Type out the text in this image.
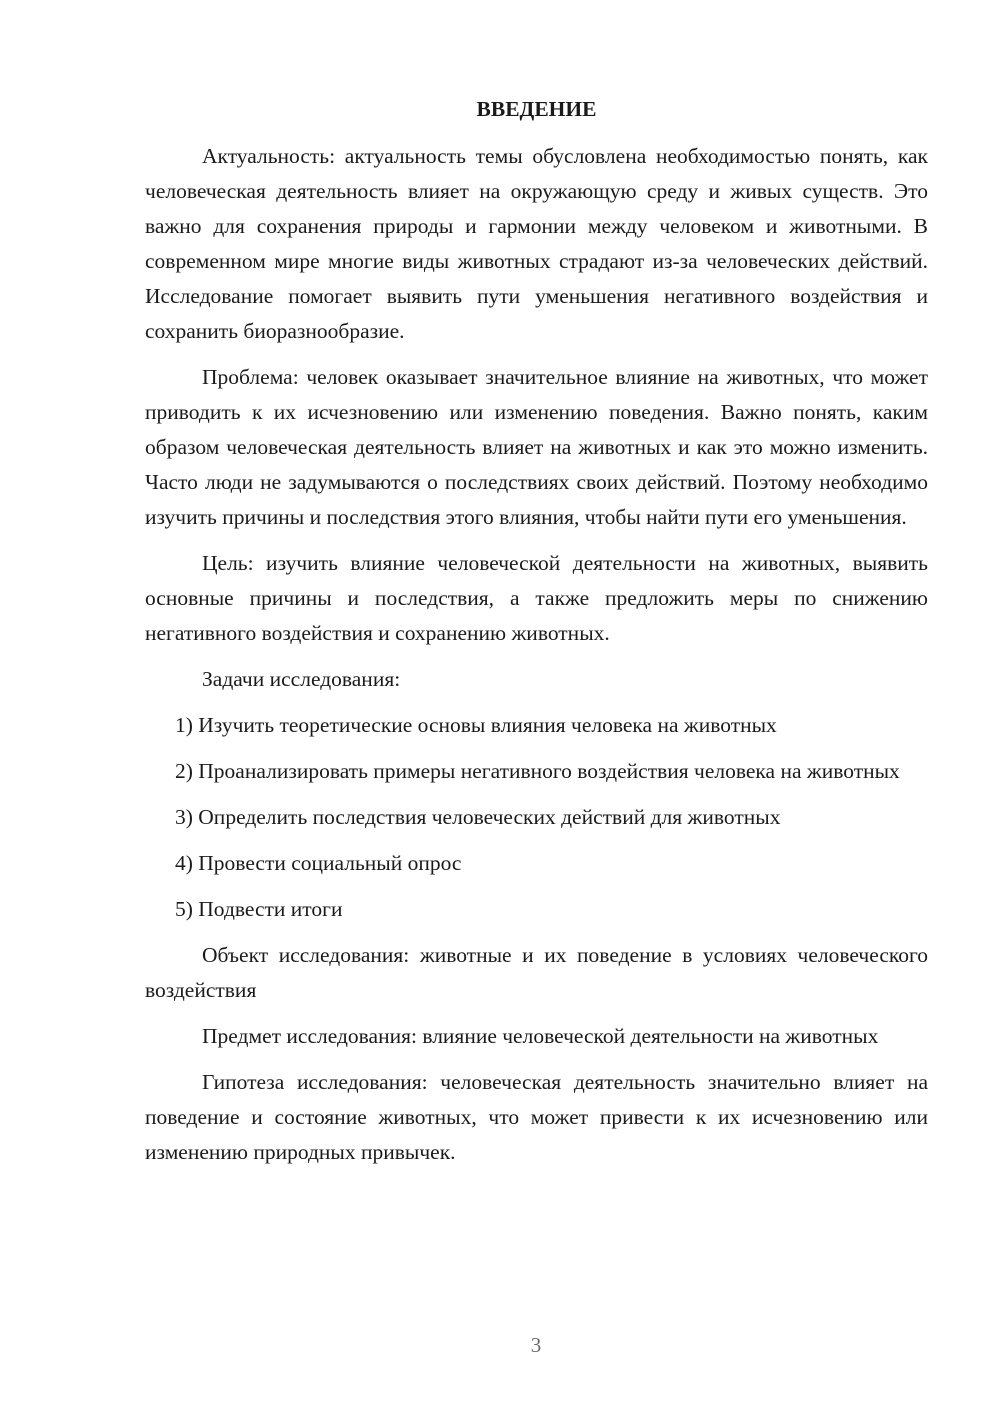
ВВЕДЕНИЕ

Актуальность: актуальность темы обусловлена необходимостью понять, как человеческая деятельность влияет на окружающую среду и живых существ. Это важно для сохранения природы и гармонии между человеком и животными. В современном мире многие виды животных страдают из-за человеческих действий. Исследование помогает выявить пути уменьшения негативного воздействия и сохранить биоразнообразие.

Проблема: человек оказывает значительное влияние на животных, что может приводить к их исчезновению или изменению поведения. Важно понять, каким образом человеческая деятельность влияет на животных и как это можно изменить. Часто люди не задумываются о последствиях своих действий. Поэтому необходимо изучить причины и последствия этого влияния, чтобы найти пути его уменьшения.

Цель: изучить влияние человеческой деятельности на животных, выявить основные причины и последствия, а также предложить меры по снижению негативного воздействия и сохранению животных.

Задачи исследования:

1) Изучить теоретические основы влияния человека на животных

2) Проанализировать примеры негативного воздействия человека на животных

3) Определить последствия человеческих действий для животных

4) Провести социальный опрос

5) Подвести итоги

Объект исследования: животные и их поведение в условиях человеческого воздействия

Предмет исследования: влияние человеческой деятельности на животных

Гипотеза исследования: человеческая деятельность значительно влияет на поведение и состояние животных, что может привести к их исчезновению или изменению природных привычек.

3
